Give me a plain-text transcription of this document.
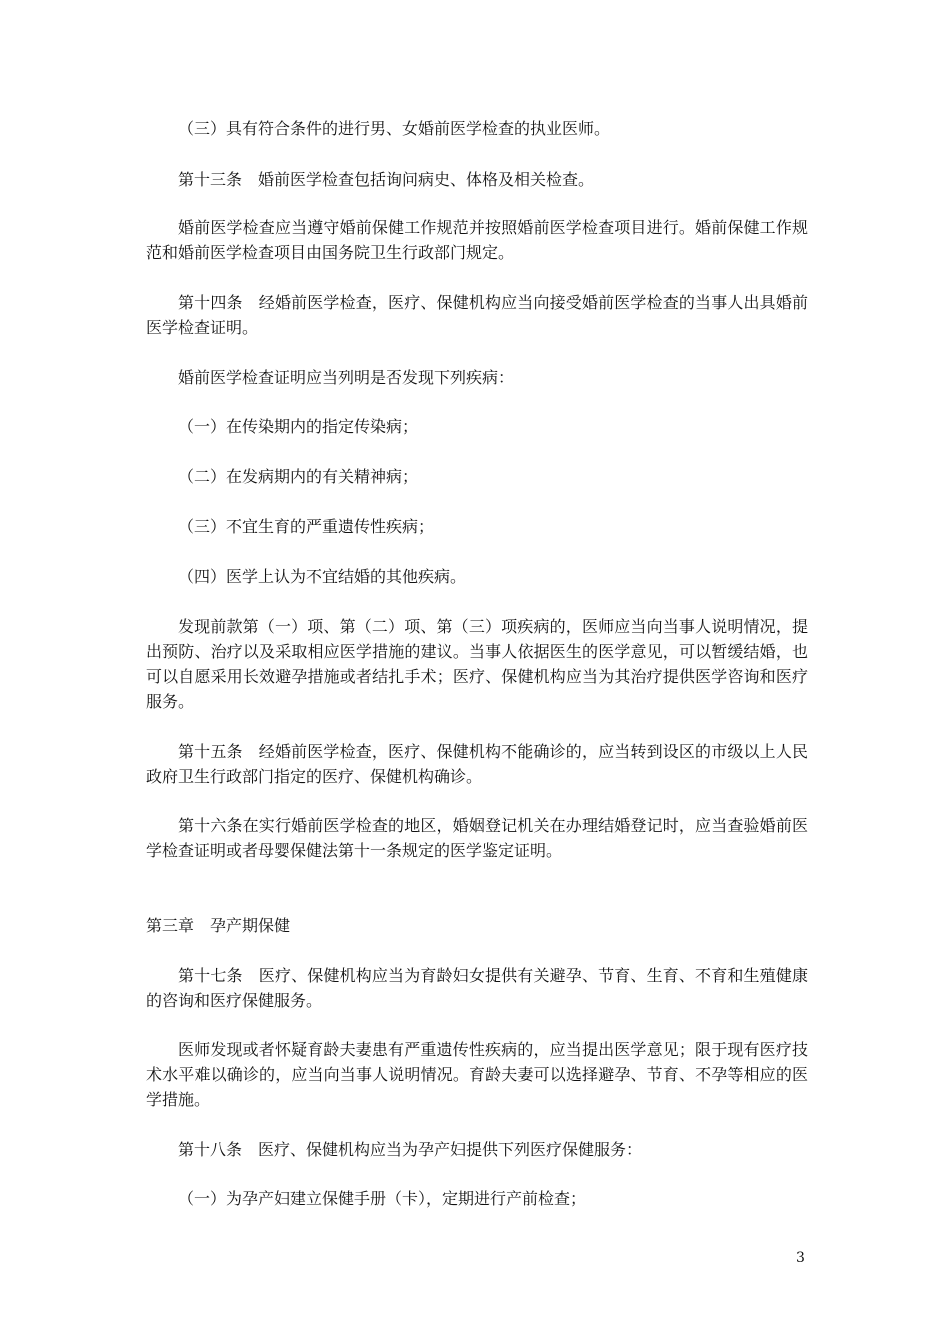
（三）具有符合条件的进行男、女婚前医学检查的执业医师。

第十三条　婚前医学检查包括询问病史、体格及相关检查。

婚前医学检查应当遵守婚前保健工作规范并按照婚前医学检查项目进行。婚前保健工作规范和婚前医学检查项目由国务院卫生行政部门规定。

第十四条　经婚前医学检查，医疗、保健机构应当向接受婚前医学检查的当事人出具婚前医学检查证明。

婚前医学检查证明应当列明是否发现下列疾病：

（一）在传染期内的指定传染病；

（二）在发病期内的有关精神病；

（三）不宜生育的严重遗传性疾病；

（四）医学上认为不宜结婚的其他疾病。

发现前款第（一）项、第（二）项、第（三）项疾病的，医师应当向当事人说明情况，提出预防、治疗以及采取相应医学措施的建议。当事人依据医生的医学意见，可以暂缓结婚，也可以自愿采用长效避孕措施或者结扎手术；医疗、保健机构应当为其治疗提供医学咨询和医疗服务。

第十五条　经婚前医学检查，医疗、保健机构不能确诊的，应当转到设区的市级以上人民政府卫生行政部门指定的医疗、保健机构确诊。

第十六条在实行婚前医学检查的地区，婚姻登记机关在办理结婚登记时，应当查验婚前医学检查证明或者母婴保健法第十一条规定的医学鉴定证明。

第三章　孕产期保健

第十七条　医疗、保健机构应当为育龄妇女提供有关避孕、节育、生育、不育和生殖健康的咨询和医疗保健服务。

医师发现或者怀疑育龄夫妻患有严重遗传性疾病的，应当提出医学意见；限于现有医疗技术水平难以确诊的，应当向当事人说明情况。育龄夫妻可以选择避孕、节育、不孕等相应的医学措施。

第十八条　医疗、保健机构应当为孕产妇提供下列医疗保健服务：

（一）为孕产妇建立保健手册（卡），定期进行产前检查；

3
